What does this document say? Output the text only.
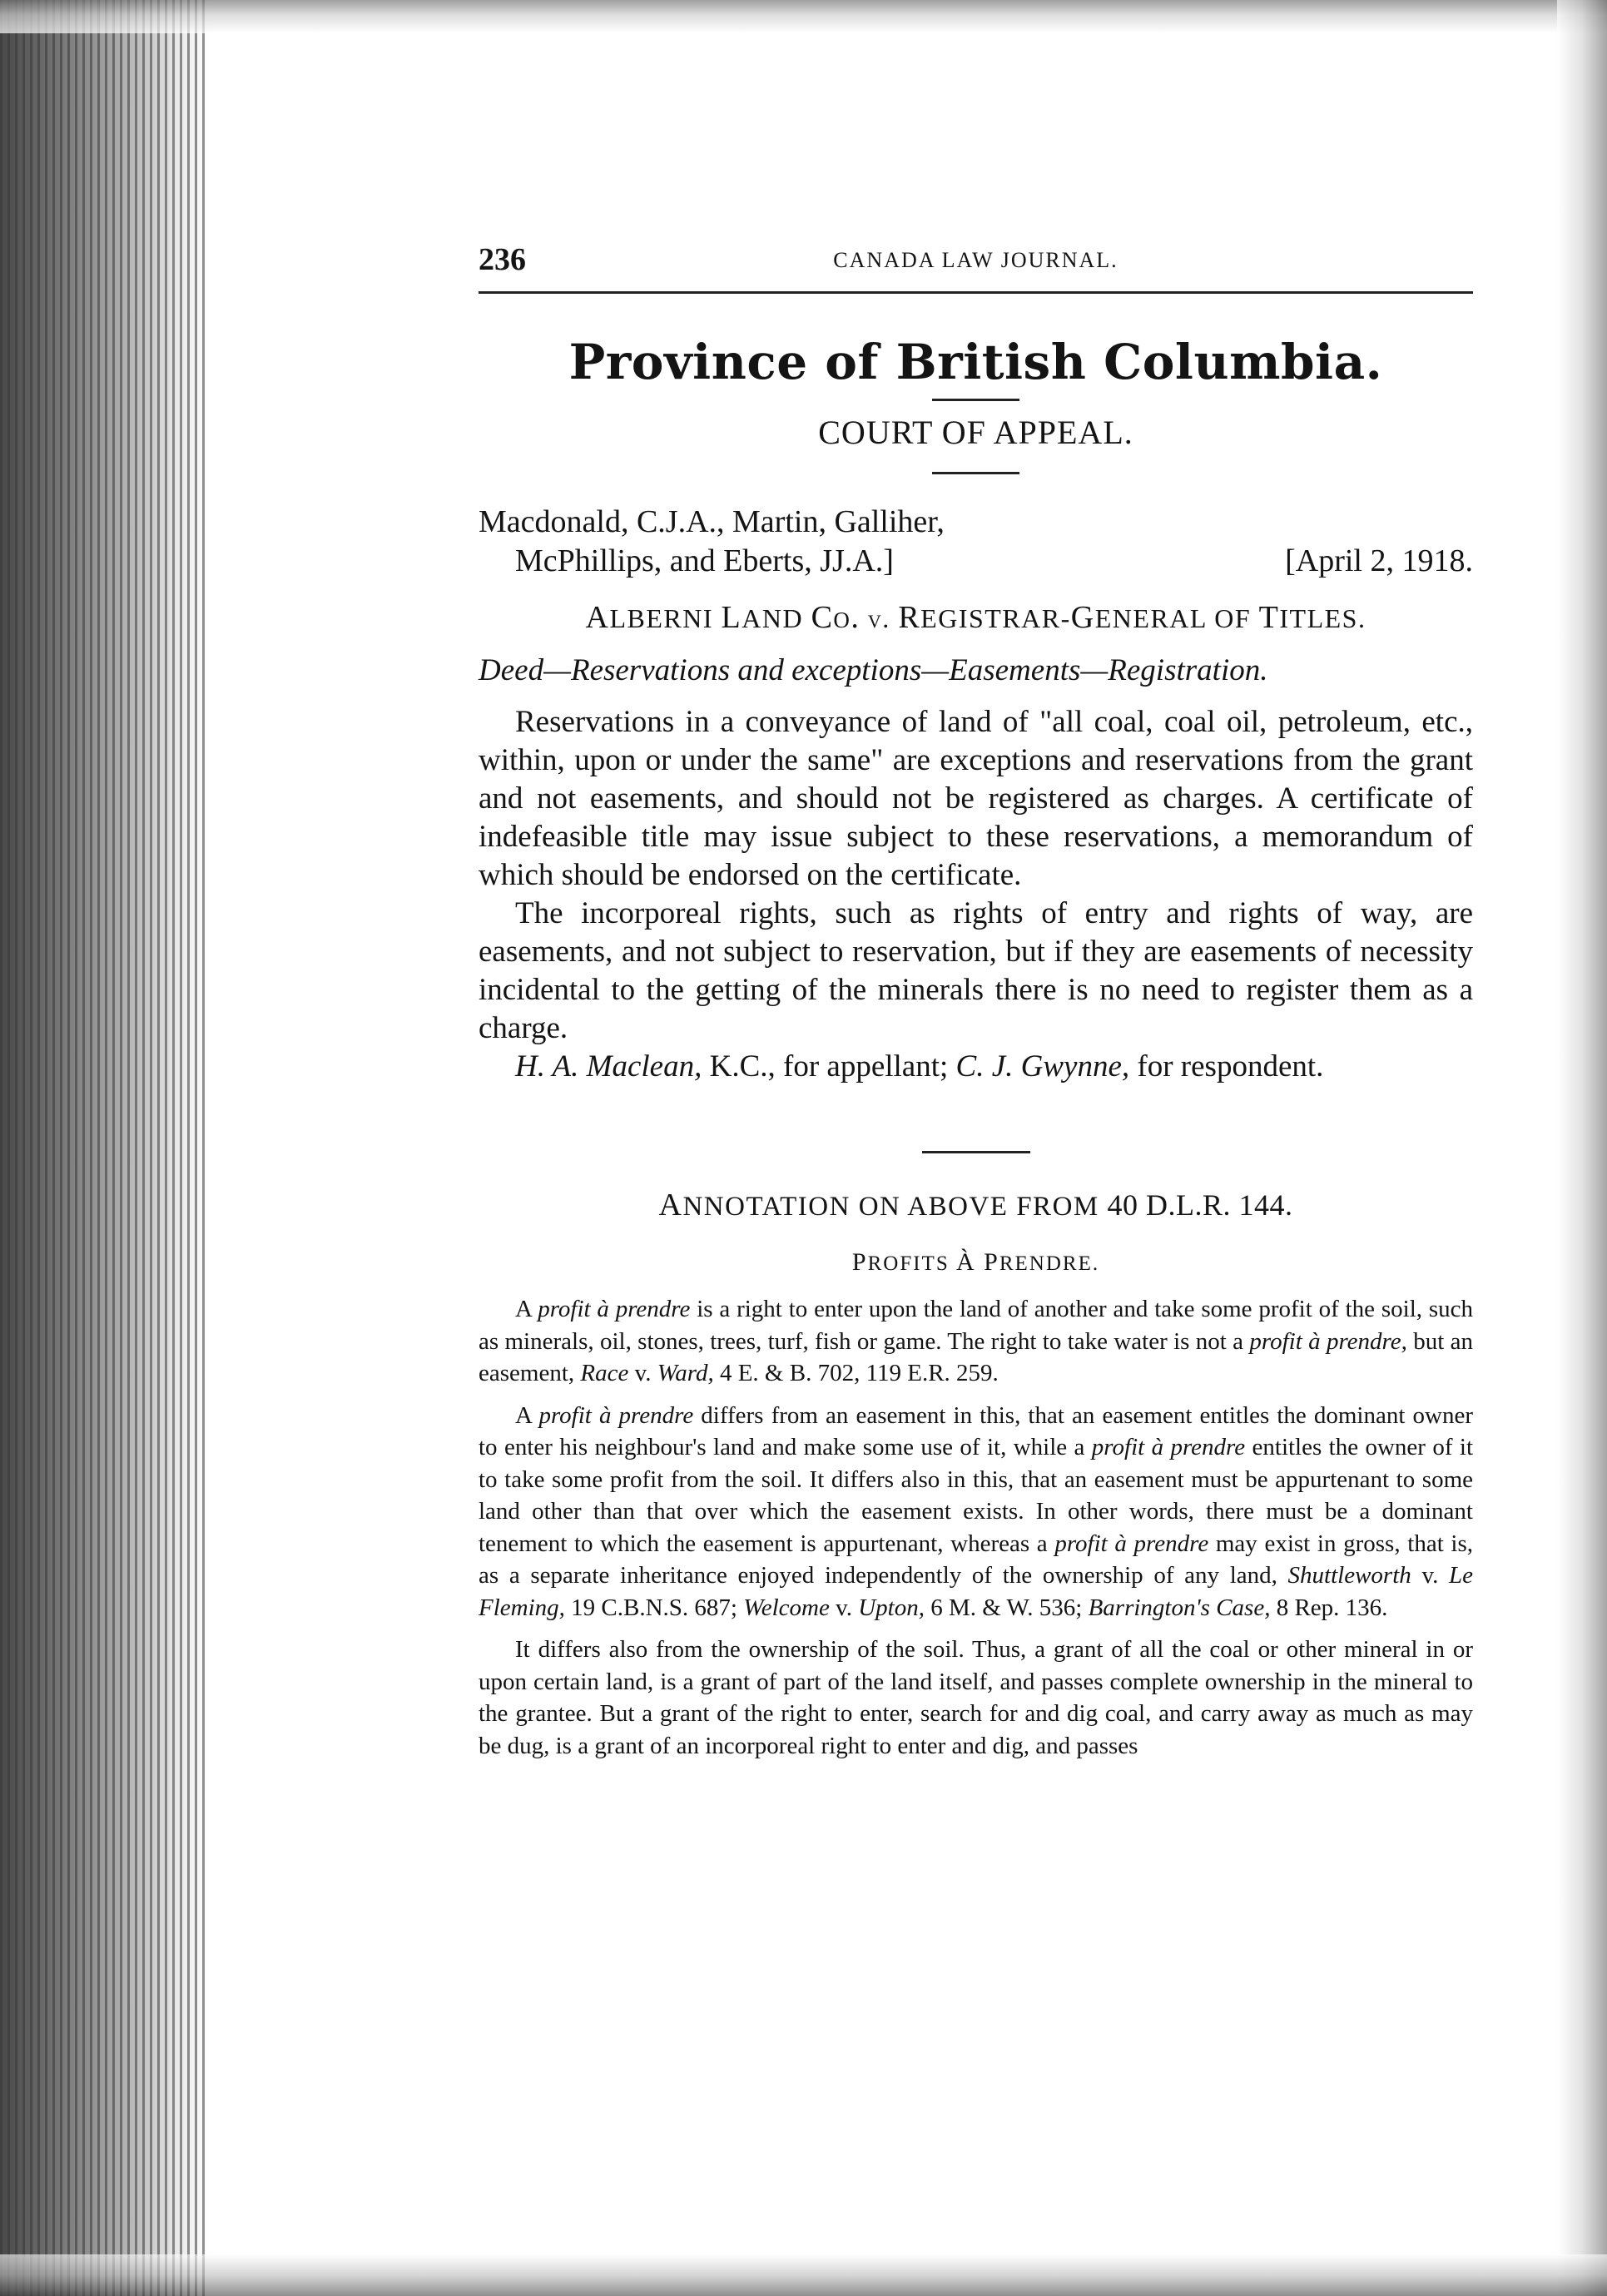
236	CANADA LAW JOURNAL.
Province of British Columbia.
COURT OF APPEAL.
Macdonald, C.J.A., Martin, Galliher,
McPhillips, and Eberts, JJ.A.]	[April 2, 1918.
ALBERNI LAND Co. v. REGISTRAR-GENERAL OF TITLES.
Deed—Reservations and exceptions—Easements—Registration.

Reservations in a conveyance of land of "all coal, coal oil, petroleum, etc., within, upon or under the same" are exceptions and reservations from the grant and not easements, and should not be registered as charges. A certificate of indefeasible title may issue subject to these reservations, a memorandum of which should be endorsed on the certificate.

The incorporeal rights, such as rights of entry and rights of way, are easements, and not subject to reservation, but if they are easements of necessity incidental to the getting of the minerals there is no need to register them as a charge.

H. A. Maclean, K.C., for appellant; C. J. Gwynne, for respondent.

ANNOTATION ON ABOVE FROM 40 D.L.R. 144.
PROFITS À PRENDRE.

A profit à prendre is a right to enter upon the land of another and take some profit of the soil, such as minerals, oil, stones, trees, turf, fish or game. The right to take water is not a profit à prendre, but an easement, Race v. Ward, 4 E. & B. 702, 119 E.R. 259.

A profit à prendre differs from an easement in this, that an easement entitles the dominant owner to enter his neighbour's land and make some use of it, while a profit à prendre entitles the owner of it to take some profit from the soil. It differs also in this, that an easement must be appurtenant to some land other than that over which the easement exists. In other words, there must be a dominant tenement to which the easement is appurtenant, whereas a profit à prendre may exist in gross, that is, as a separate inheritance enjoyed independently of the ownership of any land, Shuttleworth v. Le Fleming, 19 C.B.N.S. 687; Welcome v. Upton, 6 M. & W. 536; Barrington's Case, 8 Rep. 136.

It differs also from the ownership of the soil. Thus, a grant of all the coal or other mineral in or upon certain land, is a grant of part of the land itself, and passes complete ownership in the mineral to the grantee. But a grant of the right to enter, search for and dig coal, and carry away as much as may be dug, is a grant of an incorporeal right to enter and dig, and passes
